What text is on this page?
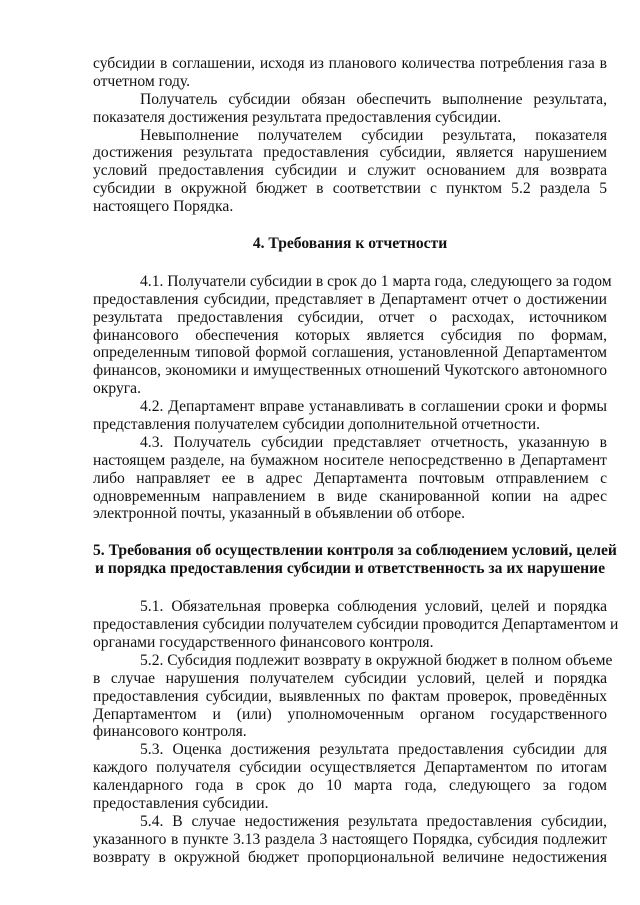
субсидии в соглашении, исходя из планового количества потребления газа в
отчетном году.
Получатель субсидии обязан обеспечить выполнение результата,
показателя достижения результата предоставления субсидии.
Невыполнение получателем субсидии результата, показателя
достижения результата предоставления субсидии, является нарушением
условий предоставления субсидии и служит основанием для возврата
субсидии в окружной бюджет в соответствии с пунктом 5.2 раздела 5
настоящего Порядка.
4. Требования к отчетности
4.1. Получатели субсидии в срок до 1 марта года, следующего за годом
предоставления субсидии, представляет в Департамент отчет о достижении
результата предоставления субсидии, отчет о расходах, источником
финансового обеспечения которых является субсидия по формам,
определенным типовой формой соглашения, установленной Департаментом
финансов, экономики и имущественных отношений Чукотского автономного
округа.
4.2. Департамент вправе устанавливать в соглашении сроки и формы
представления получателем субсидии дополнительной отчетности.
4.3. Получатель субсидии представляет отчетность, указанную в
настоящем разделе, на бумажном носителе непосредственно в Департамент
либо направляет ее в адрес Департамента почтовым отправлением с
одновременным направлением в виде сканированной копии на адрес
электронной почты, указанный в объявлении об отборе.
5. Требования об осуществлении контроля за соблюдением условий, целей
и порядка предоставления субсидии и ответственность за их нарушение
5.1. Обязательная проверка соблюдения условий, целей и порядка
предоставления субсидии получателем субсидии проводится Департаментом и
органами государственного финансового контроля.
5.2. Субсидия подлежит возврату в окружной бюджет в полном объеме
в случае нарушения получателем субсидии условий, целей и порядка
предоставления субсидии, выявленных по фактам проверок, проведённых
Департаментом и (или) уполномоченным органом государственного
финансового контроля.
5.3. Оценка достижения результата предоставления субсидии для
каждого получателя субсидии осуществляется Департаментом по итогам
календарного года в срок до 10 марта года, следующего за годом
предоставления субсидии.
5.4. В случае недостижения результата предоставления субсидии,
указанного в пункте 3.13 раздела 3 настоящего Порядка, субсидия подлежит
возврату в окружной бюджет пропорциональной величине недостижения
